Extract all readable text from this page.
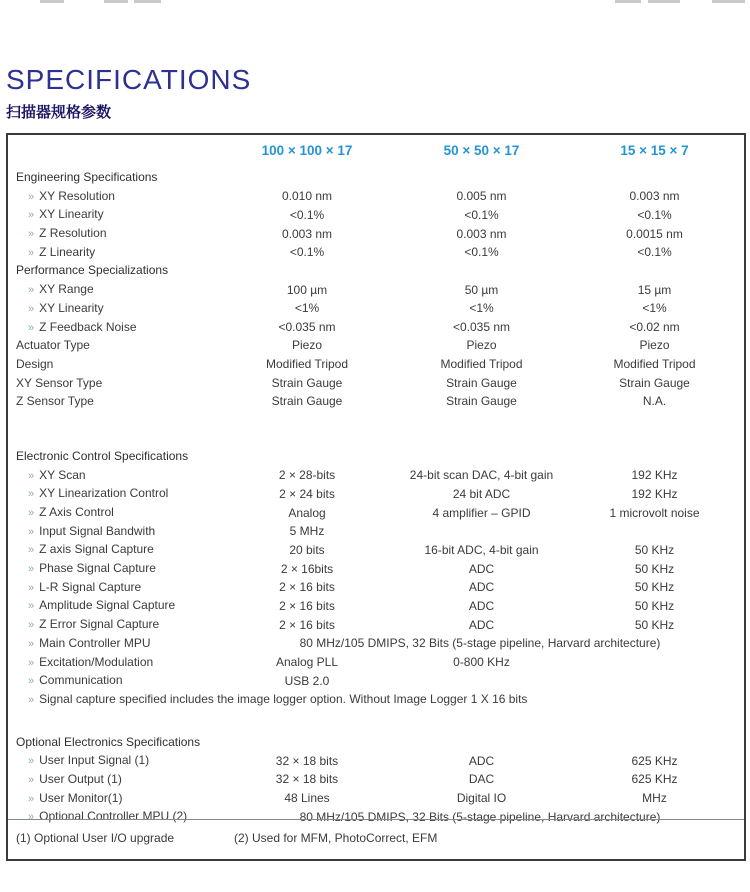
SPECIFICATIONS
扫描器规格参数
100 × 100 × 17	50 × 50 × 17	15 × 15 × 7
Engineering Specifications
» XY Resolution	0.010 nm	0.005 nm	0.003 nm
» XY Linearity	<0.1%	<0.1%	<0.1%
» Z Resolution	0.003 nm	0.003 nm	0.0015 nm
» Z Linearity	<0.1%	<0.1%	<0.1%
Performance Specializations
» XY Range	100 µm	50 µm	15 µm
» XY Linearity	<1%	<1%	<1%
» Z Feedback Noise	<0.035 nm	<0.035 nm	<0.02 nm
Actuator Type	Piezo	Piezo	Piezo
Design	Modified Tripod	Modified Tripod	Modified Tripod
XY Sensor Type	Strain Gauge	Strain Gauge	Strain Gauge
Z Sensor Type	Strain Gauge	Strain Gauge	N.A.
Electronic Control Specifications
» XY Scan	2 × 28-bits	24-bit scan DAC, 4-bit gain	192 KHz
» XY Linearization Control	2 × 24 bits	24 bit ADC	192 KHz
» Z Axis Control	Analog	4 amplifier – GPID	1 microvolt noise
» Input Signal Bandwith	5 MHz
» Z axis Signal Capture	20 bits	16-bit ADC, 4-bit gain	50 KHz
» Phase Signal Capture	2 × 16bits	ADC	50 KHz
» L-R Signal Capture	2 × 16 bits	ADC	50 KHz
» Amplitude Signal Capture	2 × 16 bits	ADC	50 KHz
» Z Error Signal Capture	2 × 16 bits	ADC	50 KHz
» Main Controller MPU	80 MHz/105 DMIPS, 32 Bits (5-stage pipeline, Harvard architecture)
» Excitation/Modulation	Analog PLL	0-800 KHz
» Communication	USB 2.0
» Signal capture specified includes the image logger option. Without Image Logger 1 X 16 bits
Optional Electronics Specifications
» User Input Signal (1)	32 × 18 bits	ADC	625 KHz
» User Output (1)	32 × 18 bits	DAC	625 KHz
» User Monitor(1)	48 Lines	Digital IO	MHz
» Optional Controller MPU (2)	80 MHz/105 DMIPS, 32 Bits (5-stage pipeline, Harvard architecture)
(1) Optional User I/O upgrade	(2) Used for MFM, PhotoCorrect, EFM
